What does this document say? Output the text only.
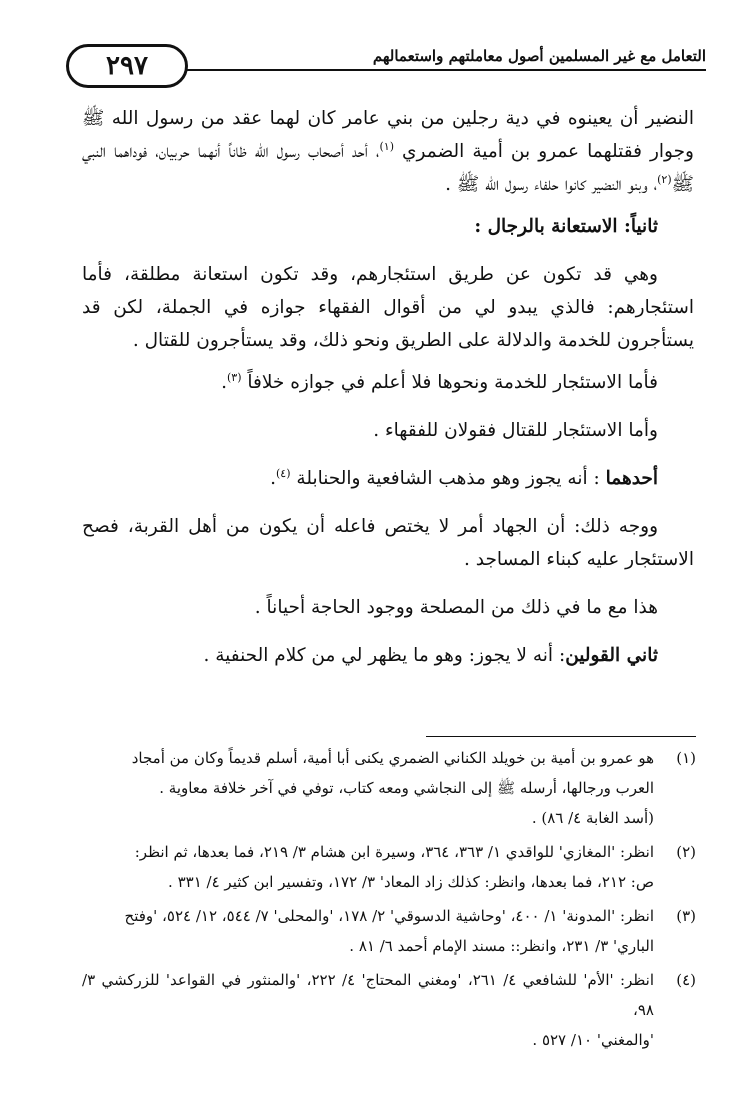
٢٩٧	التعامل مع غير المسلمين أصول معاملتهم واستعمالهم

النضير أن يعينوه في دية رجلين من بني عامر كان لهما عقد من رسول الله ﷺ وجوار فقتلهما عمرو بن أمية الضمري $^{(١)}$، أحد أصحاب رسول الله ظاناً أنهما حربيان، فوداهما النبي ﷺ$^{(٢)}$، وبنو النضير كانوا حلفاء رسول الله ﷺ .

ثانياً: الاستعانة بالرجال :

وهي قد تكون عن طريق استئجارهم، وقد تكون استعانة مطلقة، فأما استئجارهم: فالذي يبدو لي من أقوال الفقهاء جوازه في الجملة، لكن قد يستأجرون للخدمة والدلالة على الطريق ونحو ذلك، وقد يستأجرون للقتال .

فأما الاستئجار للخدمة ونحوها فلا أعلم في جوازه خلافاً $^{(٣)}$.

وأما الاستئجار للقتال فقولان للفقهاء .

أحدهما : أنه يجوز وهو مذهب الشافعية والحنابلة $^{(٤)}$.

ووجه ذلك: أن الجهاد أمر لا يختص فاعله أن يكون من أهل القربة، فصح الاستئجار عليه كبناء المساجد .

هذا مع ما في ذلك من المصلحة ووجود الحاجة أحياناً .

ثاني القولين: أنه لا يجوز: وهو ما يظهر لي من كلام الحنفية .

(١)
هو عمرو بن أمية بن خويلد الكناني الضمري يكنى أبا أمية، أسلم قديماً وكان من أمجاد
العرب ورجالها، أرسله ﷺ إلى النجاشي ومعه كتاب، توفي في آخر خلافة معاوية .
(أسد الغابة ٤/ ٨٦) .
(٢)
انظر: 'المغازي' للواقدي ١/ ٣٦٣، ٣٦٤، وسيرة ابن هشام ٣/ ٢١٩، فما بعدها، ثم انظر:
ص: ٢١٢، فما بعدها، وانظر: كذلك زاد المعاد' ٣/ ١٧٢، وتفسير ابن كثير ٤/ ٣٣١ .
(٣)
انظر: 'المدونة' ١/ ٤٠٠، 'وحاشية الدسوقي' ٢/ ١٧٨، 'والمحلى' ٧/ ٥٤٤، ١٢/ ٥٢٤، 'وفتح
الباري' ٣/ ٢٣١، وانظر:: مسند الإمام أحمد ٦/ ٨١ .
(٤)
انظر: 'الأم' للشافعي ٤/ ٢٦١، 'ومغني المحتاج' ٤/ ٢٢٢، 'والمنثور في القواعد' للزركشي ٣/ ٩٨،
'والمغني' ١٠/ ٥٢٧ .
